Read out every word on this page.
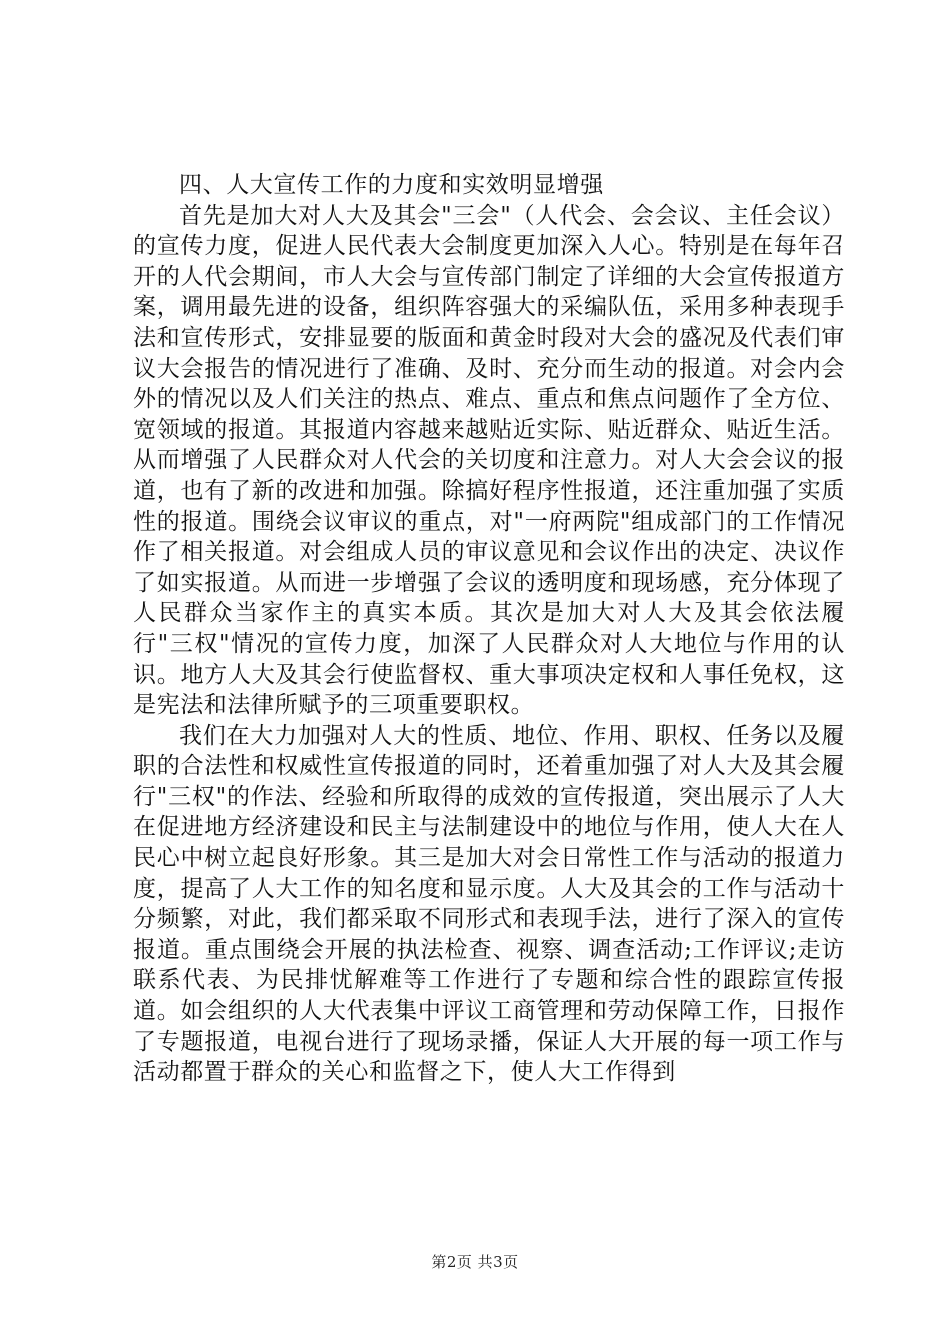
四、人大宣传工作的力度和实效明显增强

首先是加大对人大及其会"三会"（人代会、会会议、主任会议）的宣传力度，促进人民代表大会制度更加深入人心。特别是在每年召开的人代会期间，市人大会与宣传部门制定了详细的大会宣传报道方案，调用最先进的设备，组织阵容强大的采编队伍，采用多种表现手法和宣传形式，安排显要的版面和黄金时段对大会的盛况及代表们审议大会报告的情况进行了准确、及时、充分而生动的报道。对会内会外的情况以及人们关注的热点、难点、重点和焦点问题作了全方位、宽领域的报道。其报道内容越来越贴近实际、贴近群众、贴近生活。从而增强了人民群众对人代会的关切度和注意力。对人大会会议的报道，也有了新的改进和加强。除搞好程序性报道，还注重加强了实质性的报道。围绕会议审议的重点，对"一府两院"组成部门的工作情况作了相关报道。对会组成人员的审议意见和会议作出的决定、决议作了如实报道。从而进一步增强了会议的透明度和现场感，充分体现了人民群众当家作主的真实本质。其次是加大对人大及其会依法履行"三权"情况的宣传力度，加深了人民群众对人大地位与作用的认识。地方人大及其会行使监督权、重大事项决定权和人事任免权，这是宪法和法律所赋予的三项重要职权。

我们在大力加强对人大的性质、地位、作用、职权、任务以及履职的合法性和权威性宣传报道的同时，还着重加强了对人大及其会履行"三权"的作法、经验和所取得的成效的宣传报道，突出展示了人大在促进地方经济建设和民主与法制建设中的地位与作用，使人大在人民心中树立起良好形象。其三是加大对会日常性工作与活动的报道力度，提高了人大工作的知名度和显示度。人大及其会的工作与活动十分频繁，对此，我们都采取不同形式和表现手法，进行了深入的宣传报道。重点围绕会开展的执法检查、视察、调查活动;工作评议;走访联系代表、为民排忧解难等工作进行了专题和综合性的跟踪宣传报道。如会组织的人大代表集中评议工商管理和劳动保障工作，日报作了专题报道，电视台进行了现场录播，保证人大开展的每一项工作与活动都置于群众的关心和监督之下，使人大工作得到

第2页 共3页
